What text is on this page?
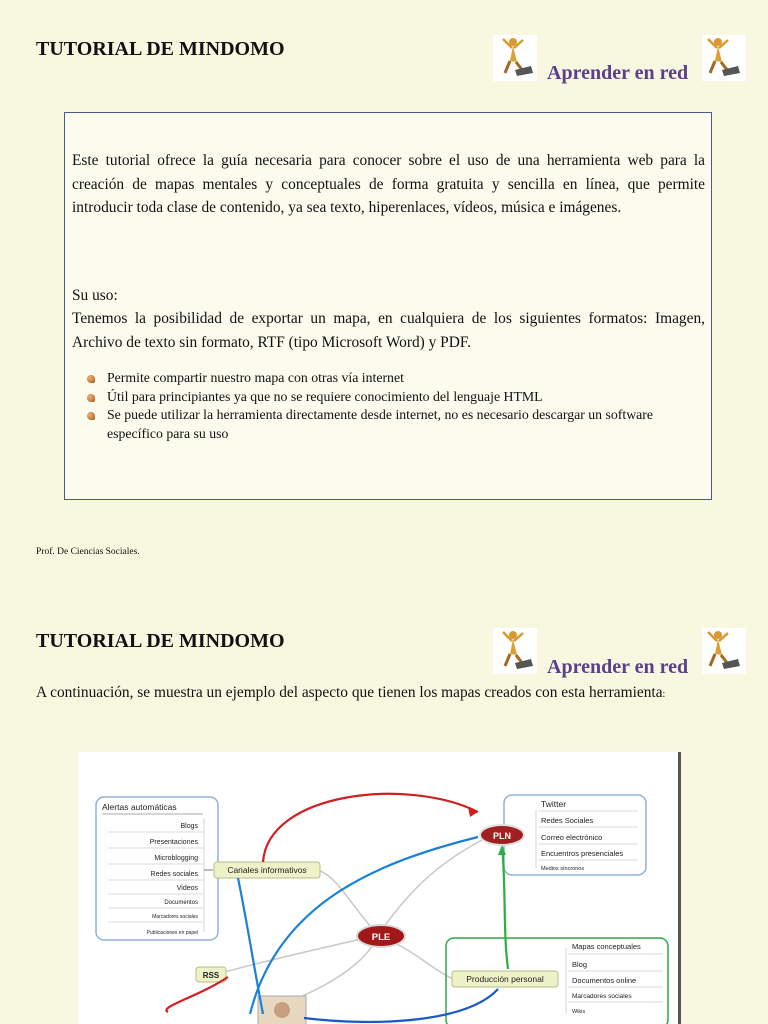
TUTORIAL DE MINDOMO
Aprender en red

Este tutorial ofrece la guía necesaria para conocer sobre el uso de una herramienta web para la creación de mapas mentales y conceptuales de forma gratuita y sencilla en línea, que permite introducir toda clase de contenido, ya sea texto, hiperenlaces, vídeos, música e imágenes.

Su uso:

Tenemos la posibilidad de exportar un mapa, en cualquiera de los siguientes formatos: Imagen, Archivo de texto sin formato, RTF (tipo Microsoft Word) y PDF.

Permite compartir nuestro mapa con otras vía internet
Útil para principiantes ya que no se requiere conocimiento del lenguaje HTML
Se puede utilizar la herramienta directamente desde internet, no es necesario descargar un software específico para su uso
Prof. De Ciencias Sociales.
TUTORIAL DE MINDOMO
Aprender en red

A continuación, se muestra un ejemplo del aspecto que tienen los mapas creados con esta herramienta:

Alertas automáticas
Blogs
Presentaciones
Microblogging
Redes sociales
Videos
Documentos
Marcadores sociales
Publicaciones en papel
Canales informativos
Twitter
Redes Sociales
Correo electrónico
Encuentros presenciales
Medios síncronos
PLN
Mapas conceptuales
Blog
Documentos online
Marcadores sociales
Wikis
Producción personal
RSS
PLE
